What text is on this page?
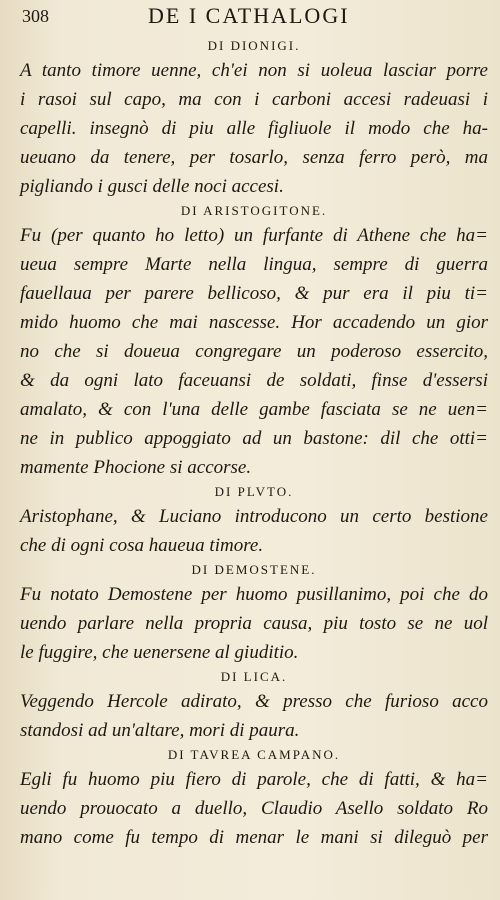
308	DE I CATHALOGI

DI DIONIGI.

A tanto timore uenne, ch'ei non si uoleua lasciar porre

i rasoi sul capo, ma con i carboni accesi radeuasi i

capelli. insegnò di piu alle figliuole il modo che ha-

ueuano da tenere, per tosarlo, senza ferro però, ma

pigliando i gusci delle noci accesi.

DI ARISTOGITONE.

Fu (per quanto ho letto) un furfante di Athene che ha=

ueua sempre Marte nella lingua, sempre di guerra

fauellaua per parere bellicoso, & pur era il piu ti=

mido huomo che mai nascesse. Hor accadendo un gior

no che si doueua congregare un poderoso essercito,

& da ogni lato faceuansi de soldati, finse d'essersi

amalato, & con l'una delle gambe fasciata se ne uen=

ne in publico appoggiato ad un bastone: dil che otti=

mamente Phocione si accorse.

DI PLVTO.

Aristophane, & Luciano introducono un certo bestione

che di ogni cosa haueua timore.

DI DEMOSTENE.

Fu notato Demostene per huomo pusillanimo, poi che do

uendo parlare nella propria causa, piu tosto se ne uol

le fuggire, che uenersene al giuditio.

DI LICA.

Veggendo Hercole adirato, & presso che furioso acco

standosi ad un'altare, mori di paura.

DI TAVREA CAMPANO.

Egli fu huomo piu fiero di parole, che di fatti, & ha=

uendo prouocato a duello, Claudio Asello soldato Ro

mano come fu tempo di menar le mani si dileguò per
